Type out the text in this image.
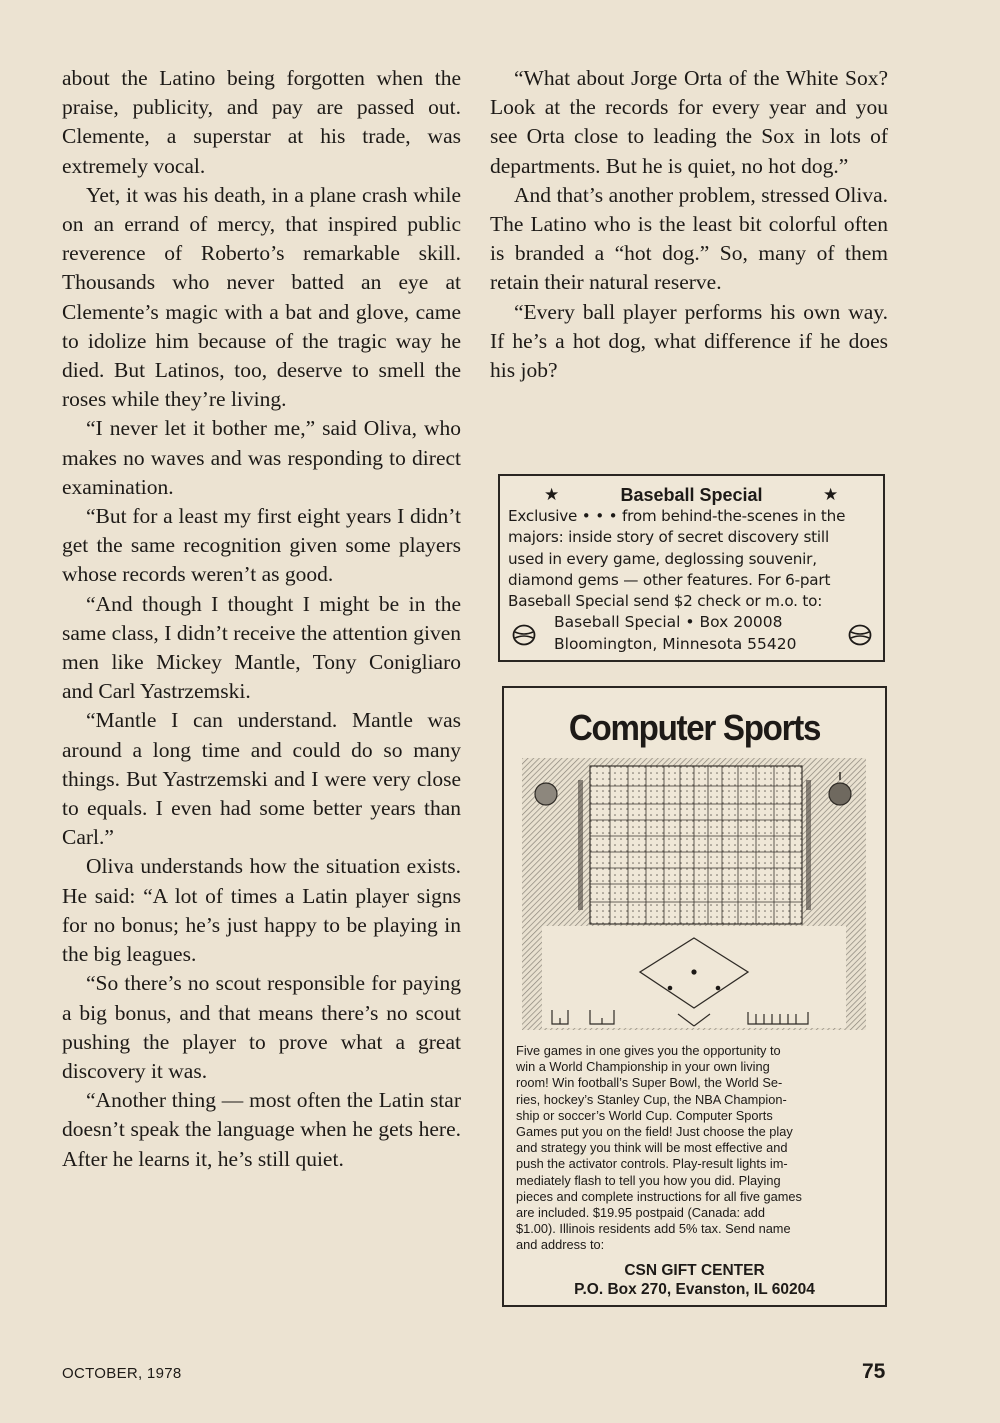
about the Latino being forgotten when the praise, publicity, and pay are passed out. Clemente, a superstar at his trade, was extremely vocal.

Yet, it was his death, in a plane crash while on an errand of mercy, that inspired public reverence of Roberto’s remarkable skill. Thousands who never batted an eye at Clemente’s magic with a bat and glove, came to idolize him because of the tragic way he died. But Latinos, too, deserve to smell the roses while they’re living.

“I never let it bother me,” said Oliva, who makes no waves and was responding to direct examination.

“But for a least my first eight years I didn’t get the same recognition given some players whose records weren’t as good.

“And though I thought I might be in the same class, I didn’t receive the attention given men like Mickey Mantle, Tony Conigliaro and Carl Yastrzemski.

“Mantle I can understand. Mantle was around a long time and could do so many things. But Yastrzemski and I were very close to equals. I even had some better years than Carl.”

Oliva understands how the situation exists. He said: “A lot of times a Latin player signs for no bonus; he’s just happy to be playing in the big leagues.

“So there’s no scout responsible for paying a big bonus, and that means there’s no scout pushing the player to prove what a great discovery it was.

“Another thing — most often the Latin star doesn’t speak the language when he gets here. After he learns it, he’s still quiet.

“What about Jorge Orta of the White Sox? Look at the records for every year and you see Orta close to leading the Sox in lots of departments. But he is quiet, no hot dog.”

And that’s another problem, stressed Oliva. The Latino who is the least bit colorful often is branded a “hot dog.” So, many of them retain their natural reserve.

“Every ball player performs his own way. If he’s a hot dog, what difference if he does his job?

★	Baseball Special	★
Exclusive • • • from behind-the-scenes in the
majors: inside story of secret discovery still
used in every game, deglossing souvenir,
diamond gems — other features. For 6-part
Baseball Special send $2 check or m.o. to:
Baseball Special • Box 20008
Bloomington, Minnesota 55420
Computer Sports
Five games in one gives you the opportunity to
win a World Championship in your own living
room! Win football’s Super Bowl, the World Se-
ries, hockey’s Stanley Cup, the NBA Champion-
ship or soccer’s World Cup. Computer Sports
Games put you on the field! Just choose the play
and strategy you think will be most effective and
push the activator controls. Play-result lights im-
mediately flash to tell you how you did. Playing
pieces and complete instructions for all five games
are included. $19.95 postpaid (Canada: add
$1.00). Illinois residents add 5% tax. Send name
and address to:
CSN GIFT CENTER
P.O. Box 270, Evanston, IL 60204
OCTOBER, 1978	75
